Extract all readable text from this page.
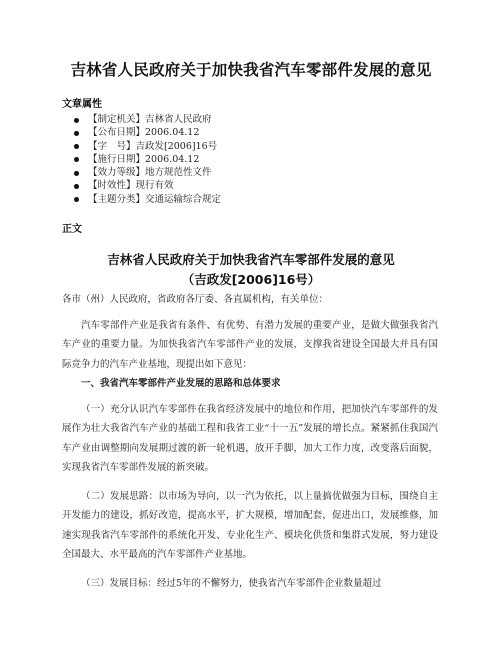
吉林省人民政府关于加快我省汽车零部件发展的意见
文章属性
【制定机关】吉林省人民政府
【公布日期】2006.04.12
【字　号】吉政发[2006]16号
【施行日期】2006.04.12
【效力等级】地方规范性文件
【时效性】现行有效
【主题分类】交通运输综合规定
正文
吉林省人民政府关于加快我省汽车零部件发展的意见
（吉政发[2006]16号）

各市（州）人民政府，省政府各厅委、各直属机构，有关单位：

汽车零部件产业是我省有条件、有优势、有潜力发展的重要产业，是做大做强我省汽车产业的重要力量。为加快我省汽车零部件产业的发展，支撑我省建设全国最大并具有国际竞争力的汽车产业基地，现提出如下意见：

一、我省汽车零部件产业发展的思路和总体要求

（一）充分认识汽车零部件在我省经济发展中的地位和作用，把加快汽车零部件的发展作为壮大我省汽车产业的基础工程和我省工业“十一五”发展的增长点。紧紧抓住我国汽车产业由调整期向发展期过渡的新一轮机遇，放开手脚，加大工作力度，改变落后面貌，实现我省汽车零部件发展的新突破。

（二）发展思路：以市场为导向，以一汽为依托，以上量搞优做强为目标，围绕自主开发能力的建设，抓好改造，提高水平，扩大规模，增加配套，促进出口，发展维修，加速实现我省汽车零部件的系统化开发、专业化生产、模块化供货和集群式发展，努力建设全国最大、水平最高的汽车零部件产业基地。

（三）发展目标：经过5年的不懈努力，使我省汽车零部件企业数量超过
